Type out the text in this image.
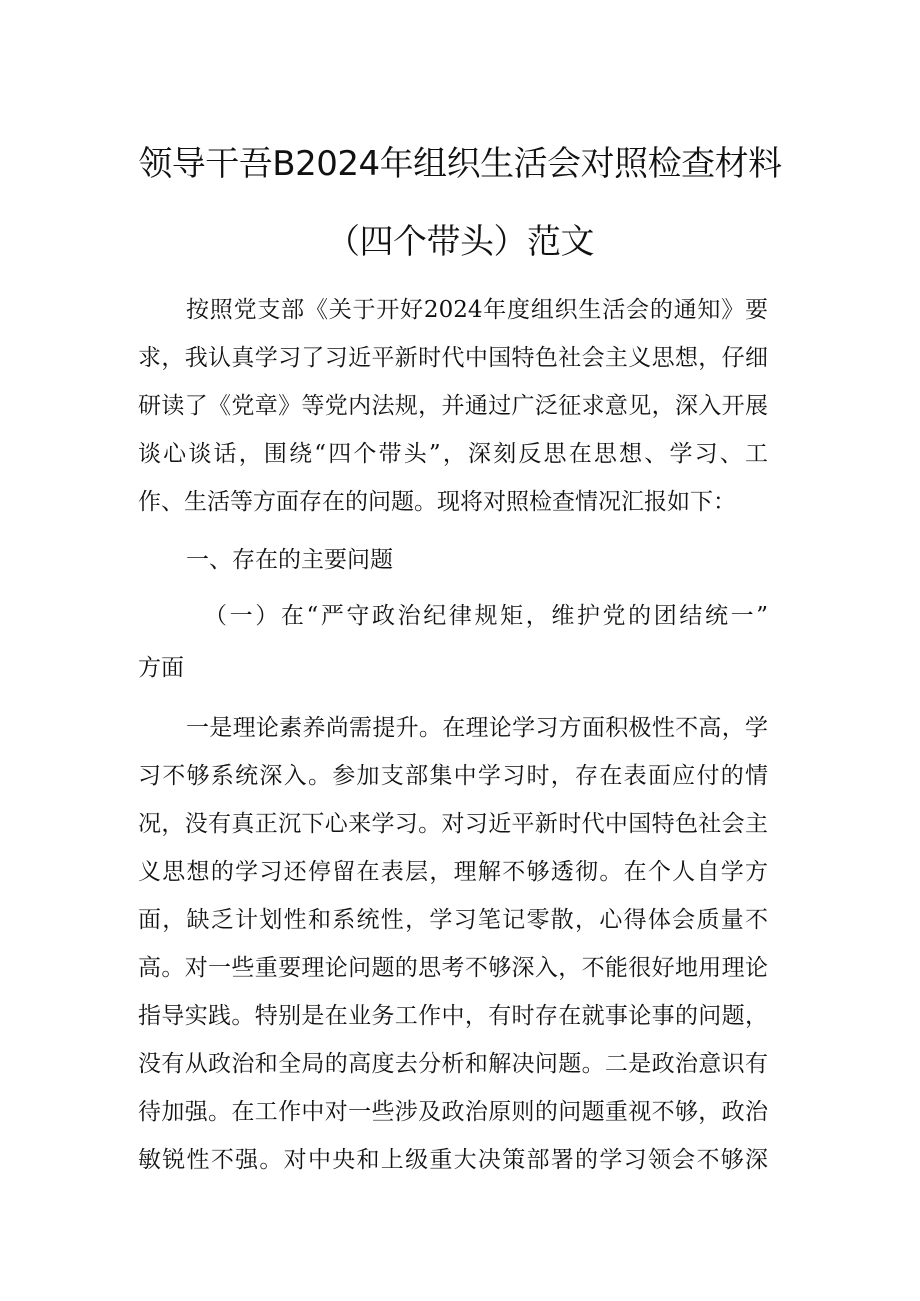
领导干吾B2024年组织生活会对照检查材料
（四个带头）范文

按照党支部《关于开好2024年度组织生活会的通知》要

求，我认真学习了习近平新时代中国特色社会主义思想，仔细

研读了《党章》等党内法规，并通过广泛征求意见，深入开展

谈心谈话，围绕“四个带头”，深刻反思在思想、学习、工

作、生活等方面存在的问题。现将对照检查情况汇报如下：

一、存在的主要问题

（一）在“严守政治纪律规矩，维护党的团结统一”

方面

一是理论素养尚需提升。在理论学习方面积极性不高，学

习不够系统深入。参加支部集中学习时，存在表面应付的情

况，没有真正沉下心来学习。对习近平新时代中国特色社会主

义思想的学习还停留在表层，理解不够透彻。在个人自学方

面，缺乏计划性和系统性，学习笔记零散，心得体会质量不

高。对一些重要理论问题的思考不够深入，不能很好地用理论

指导实践。特别是在业务工作中，有时存在就事论事的问题，

没有从政治和全局的高度去分析和解决问题。二是政治意识有

待加强。在工作中对一些涉及政治原则的问题重视不够，政治

敏锐性不强。对中央和上级重大决策部署的学习领会不够深
